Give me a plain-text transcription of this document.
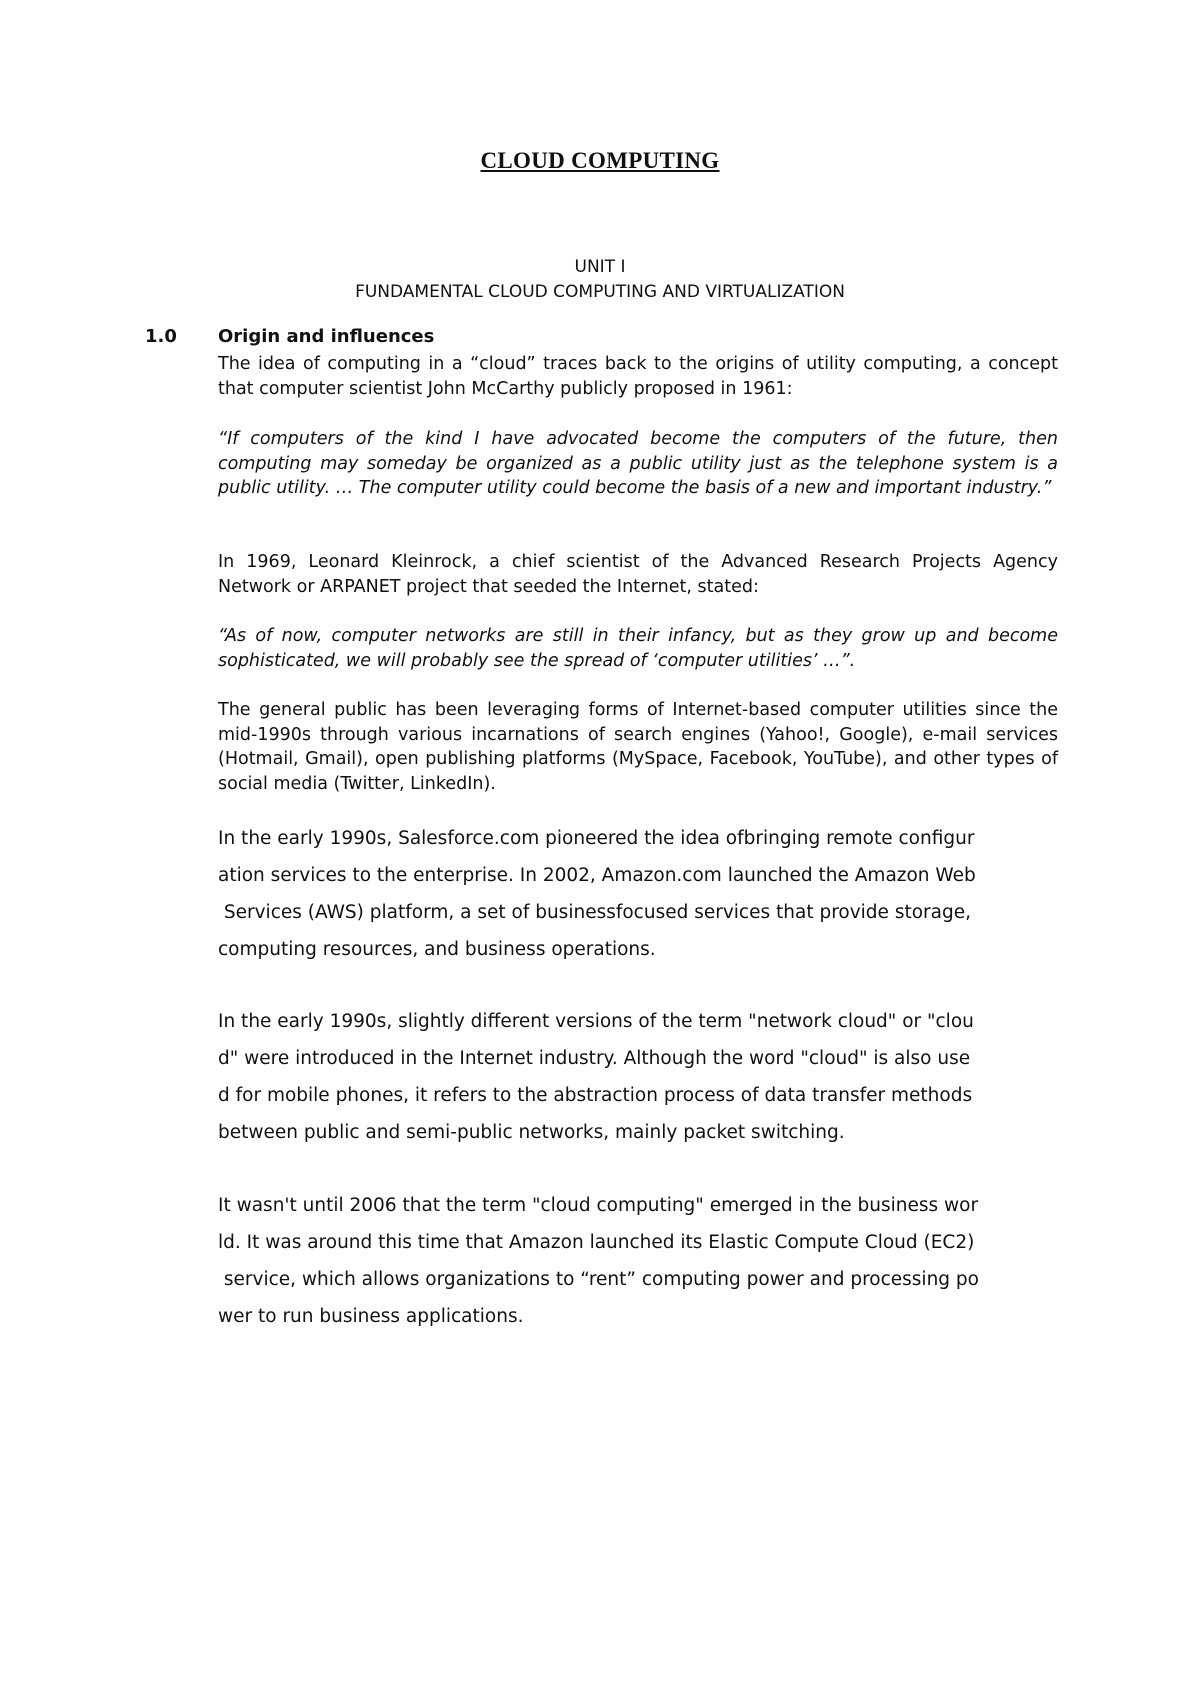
CLOUD COMPUTING
UNIT I
FUNDAMENTAL CLOUD COMPUTING AND VIRTUALIZATION
1.0 Origin and influences

The idea of computing in a “cloud” traces back to the origins of utility computing, a concept that computer scientist John McCarthy publicly proposed in 1961:

“If computers of the kind I have advocated become the computers of the future, then computing may someday be organized as a public utility just as the telephone system is a public utility. … The computer utility could become the basis of a new and important industry.”

In 1969, Leonard Kleinrock, a chief scientist of the Advanced Research Projects Agency Network or ARPANET project that seeded the Internet, stated:

“As of now, computer networks are still in their infancy, but as they grow up and become sophisticated, we will probably see the spread of ‘computer utilities’ …”.

The general public has been leveraging forms of Internet-based computer utilities since the mid-1990s through various incarnations of search engines (Yahoo!, Google), e-mail services (Hotmail, Gmail), open publishing platforms (MySpace, Facebook, YouTube), and other types of social media (Twitter, LinkedIn).

In the early 1990s, Salesforce.com pioneered the idea ofbringing remote configur
ation services to the enterprise. In 2002, Amazon.com launched the Amazon Web
Services (AWS) platform, a set of businessfocused services that provide storage,
computing resources, and business operations.
In the early 1990s, slightly different versions of the term "network cloud" or "clou
d" were introduced in the Internet industry. Although the word "cloud" is also use
d for mobile phones, it refers to the abstraction process of data transfer methods
between public and semi-public networks, mainly packet switching.
It wasn't until 2006 that the term "cloud computing" emerged in the business wor
ld. It was around this time that Amazon launched its Elastic Compute Cloud (EC2)
service, which allows organizations to “rent” computing power and processing po
wer to run business applications.
